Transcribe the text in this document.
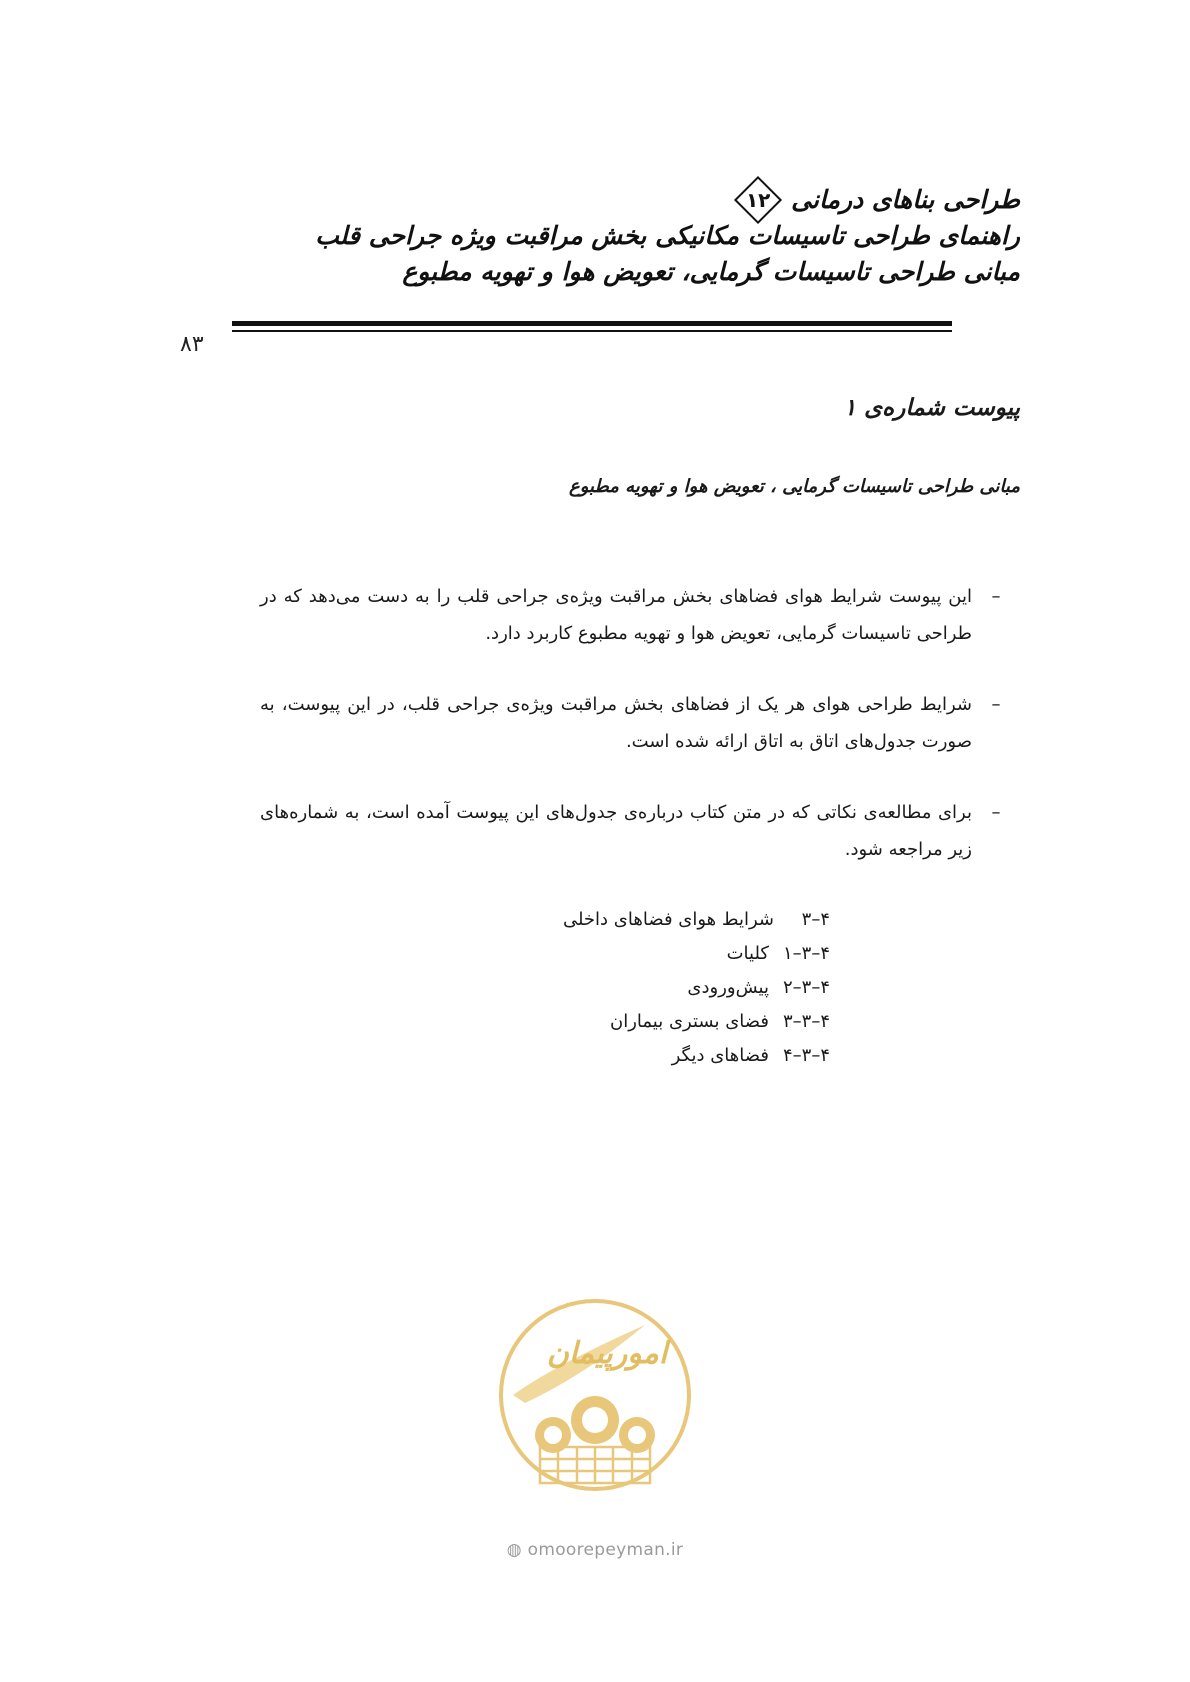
طراحی بناهای درمانی
۱۲
راهنمای طراحی تاسیسات مکانیکی بخش مراقبت ویژه جراحی قلب
مبانی طراحی تاسیسات گرمایی، تعویض هوا و تهویه مطبوع
۸۳
پیوست شماره‌ی ۱
مبانی طراحی تاسیسات گرمایی ، تعویض هوا و تهویه مطبوع
–
این پیوست شرایط هوای فضاهای بخش مراقبت ویژه‌ی جراحی قلب را به دست می‌دهد که در طراحی تاسیسات گرمایی، تعویض هوا و تهویه مطبوع کاربرد دارد.
–
شرایط طراحی هوای هر یک از فضاهای بخش مراقبت ویژه‌ی جراحی قلب، در این پیوست، به صورت جدول‌های اتاق به اتاق ارائه شده است.
–
برای مطالعه‌ی نکاتی که در متن کتاب درباره‌ی جدول‌های این پیوست آمده است، به شماره‌های زیر مراجعه شود.
۴–۳
شرایط هوای فضاهای داخلی
۴–۳–۱
کلیات
۴–۳–۲
پیش‌ورودی
۴–۳–۳
فضای بستری بیماران
۴–۳–۴
فضاهای دیگر
امورپیمان
◍ omoorepeyman.ir
